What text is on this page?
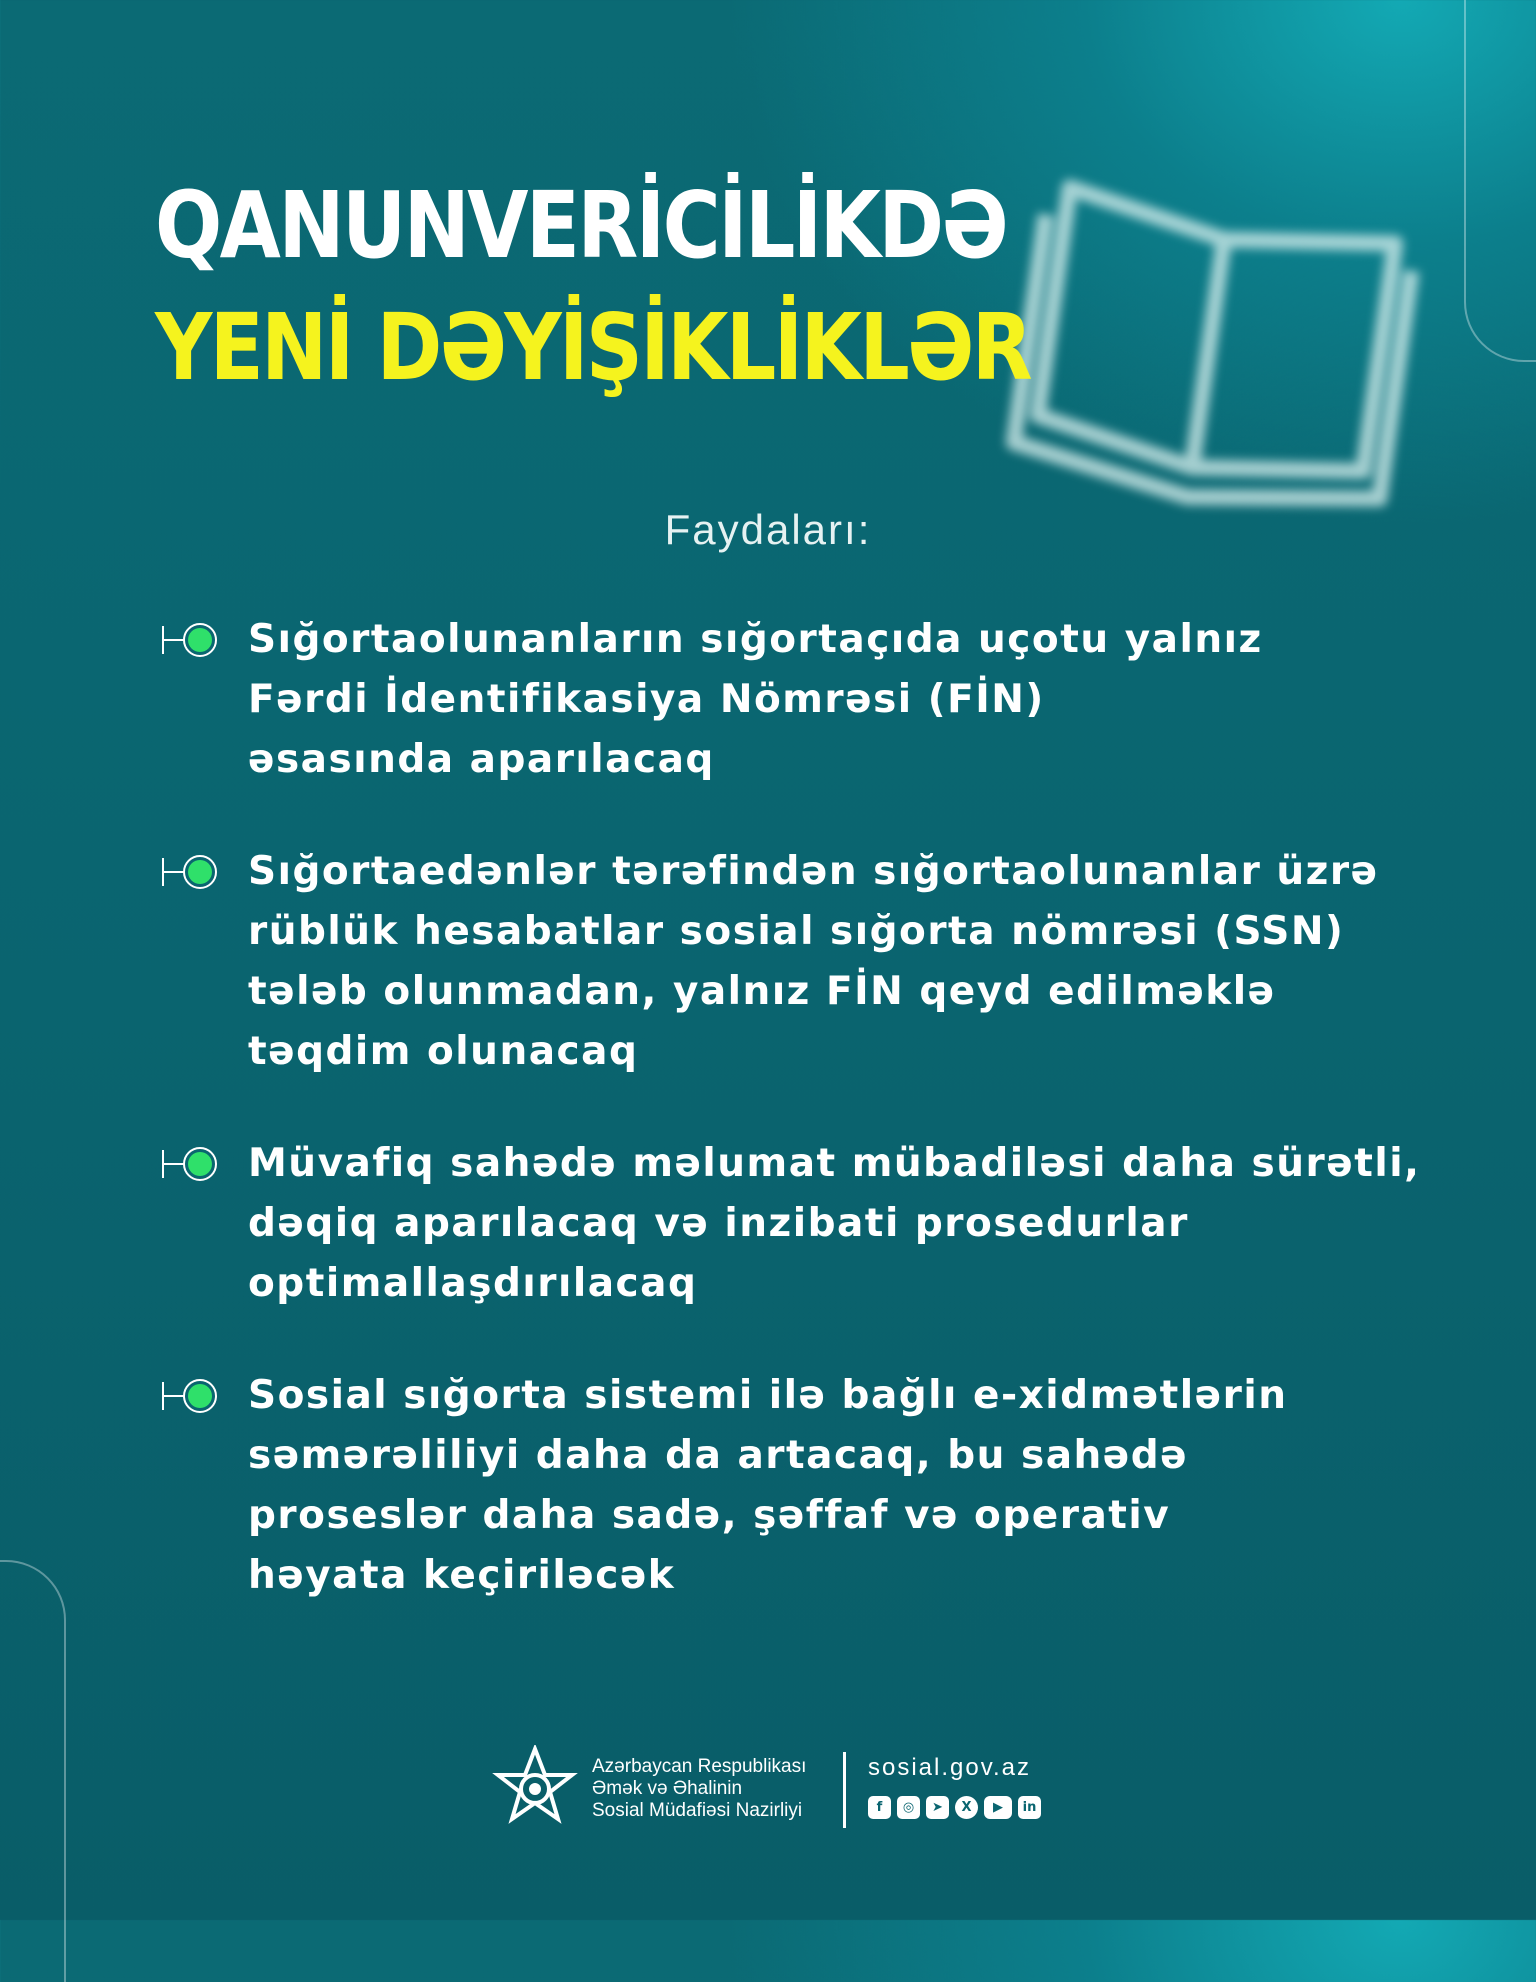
QANUNVERİCİLİKDƏ
YENİ DƏYİŞİKLİKLƏR
Faydaları:
Sığortaolunanların sığortaçıda uçotu yalnız
Fərdi İdentifikasiya Nömrəsi (FİN)
əsasında aparılacaq
Sığortaedənlər tərəfindən sığortaolunanlar üzrə
rüblük hesabatlar sosial sığorta nömrəsi (SSN)
tələb olunmadan, yalnız FİN qeyd edilməklə
təqdim olunacaq
Müvafiq sahədə məlumat mübadiləsi daha sürətli,
dəqiq aparılacaq və inzibati prosedurlar
optimallaşdırılacaq
Sosial sığorta sistemi ilə bağlı e-xidmətlərin
səmərəliliyi daha da artacaq, bu sahədə
proseslər daha sadə, şəffaf və operativ
həyata keçiriləcək
Azərbaycan Respublikası
Əmək və Əhalinin
Sosial Müdafiəsi Nazirliyi
sosial.gov.az
f	◎	➤	X	▶	in
